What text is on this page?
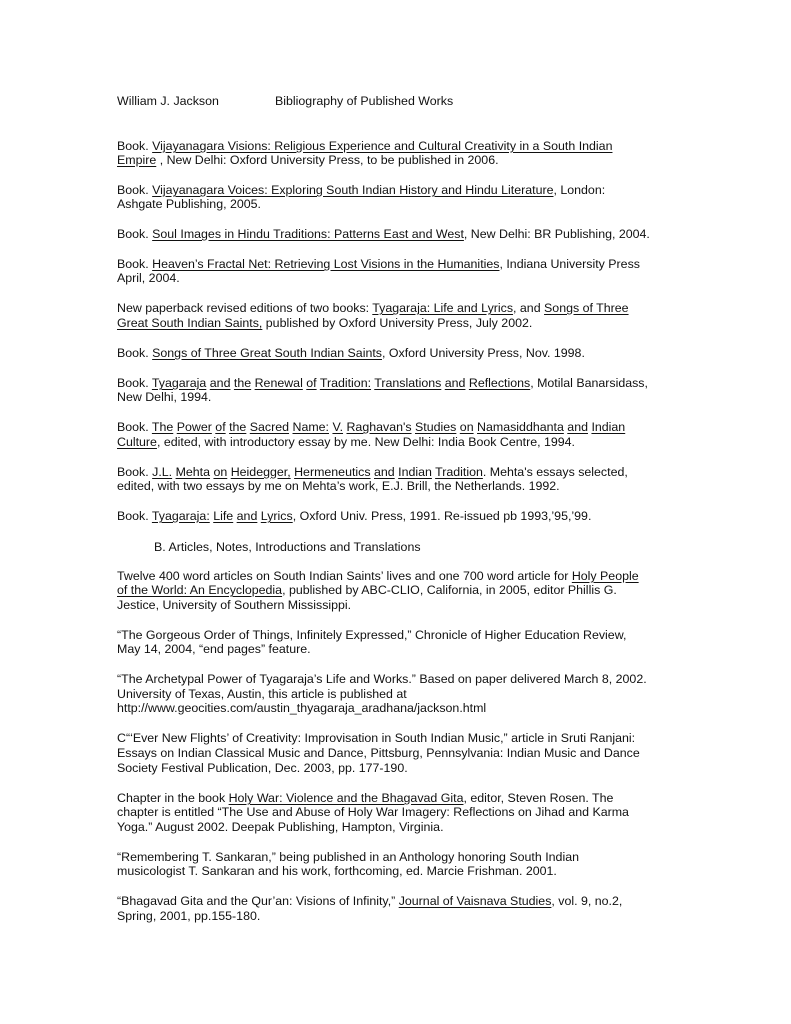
William J. Jackson	Bibliography of Published Works

Book. Vijayanagara Visions: Religious Experience and Cultural Creativity in a South Indian

Empire , New Delhi: Oxford University Press, to be published in 2006.

Book. Vijayanagara Voices: Exploring South Indian History and Hindu Literature, London:

Ashgate Publishing, 2005.

Book. Soul Images in Hindu Traditions: Patterns East and West, New Delhi: BR Publishing, 2004.

Book. Heaven’s Fractal Net: Retrieving Lost Visions in the Humanities, Indiana University Press

April, 2004.

New paperback revised editions of two books: Tyagaraja: Life and Lyrics, and Songs of Three

Great South Indian Saints, published by Oxford University Press, July 2002.

Book. Songs of Three Great South Indian Saints, Oxford University Press, Nov. 1998.

Book. Tyagaraja and the Renewal of Tradition: Translations and Reflections, Motilal Banarsidass,

New Delhi, 1994.

Book. The Power of the Sacred Name: V. Raghavan's Studies on Namasiddhanta and Indian

Culture, edited, with introductory essay by me. New Delhi: India Book Centre, 1994.

Book. J.L. Mehta on Heidegger, Hermeneutics and Indian Tradition. Mehta's essays selected,

edited, with two essays by me on Mehta’s work, E.J. Brill, the Netherlands. 1992.

Book. Tyagaraja: Life and Lyrics, Oxford Univ. Press, 1991. Re-issued pb 1993,’95,’99.

B. Articles, Notes, Introductions and Translations

Twelve 400 word articles on South Indian Saints’ lives and one 700 word article for Holy People

of the World: An Encyclopedia, published by ABC-CLIO, California, in 2005, editor Phillis G.

Jestice, University of Southern Mississippi.

“The Gorgeous Order of Things, Infinitely Expressed,” Chronicle of Higher Education Review,

May 14, 2004, “end pages” feature.

“The Archetypal Power of Tyagaraja’s Life and Works.” Based on paper delivered March 8, 2002.

University of Texas, Austin, this article is published at

http://www.geocities.com/austin_thyagaraja_aradhana/jackson.html

C“‘Ever New Flights’ of Creativity: Improvisation in South Indian Music,” article in Sruti Ranjani:

Essays on Indian Classical Music and Dance, Pittsburg, Pennsylvania: Indian Music and Dance

Society Festival Publication, Dec. 2003, pp. 177-190.

Chapter in the book Holy War: Violence and the Bhagavad Gita, editor, Steven Rosen. The

chapter is entitled “The Use and Abuse of Holy War Imagery: Reflections on Jihad and Karma

Yoga.” August 2002. Deepak Publishing, Hampton, Virginia.

“Remembering T. Sankaran,” being published in an Anthology honoring South Indian

musicologist T. Sankaran and his work, forthcoming, ed. Marcie Frishman. 2001.

“Bhagavad Gita and the Qur’an: Visions of Infinity,” Journal of Vaisnava Studies, vol. 9, no.2,

Spring, 2001, pp.155-180.
